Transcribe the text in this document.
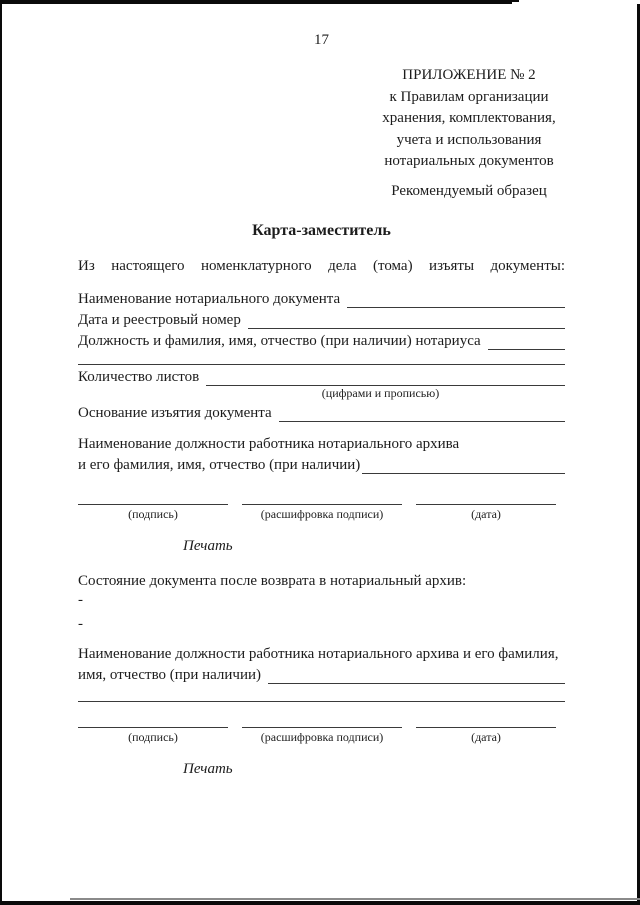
17
ПРИЛОЖЕНИЕ № 2
к Правилам организации
хранения, комплектования,
учета и использования
нотариальных документов
Рекомендуемый образец
Карта-заместитель
Из настоящего номенклатурного дела (тома) изъяты документы:
Наименование нотариального документа
Дата и реестровый номер
Должность и фамилия, имя, отчество (при наличии) нотариуса
Количество листов
(цифрами и прописью)
Основание изъятия документа
Наименование должности работника нотариального архива
и его фамилия, имя, отчество (при наличии)
(подпись)	(расшифровка подписи)	(дата)
Печать
Состояние документа после возврата в нотариальный архив:
-
-
Наименование должности работника нотариального архива и его фамилия,
имя, отчество (при наличии)
(подпись)	(расшифровка подписи)	(дата)
Печать
